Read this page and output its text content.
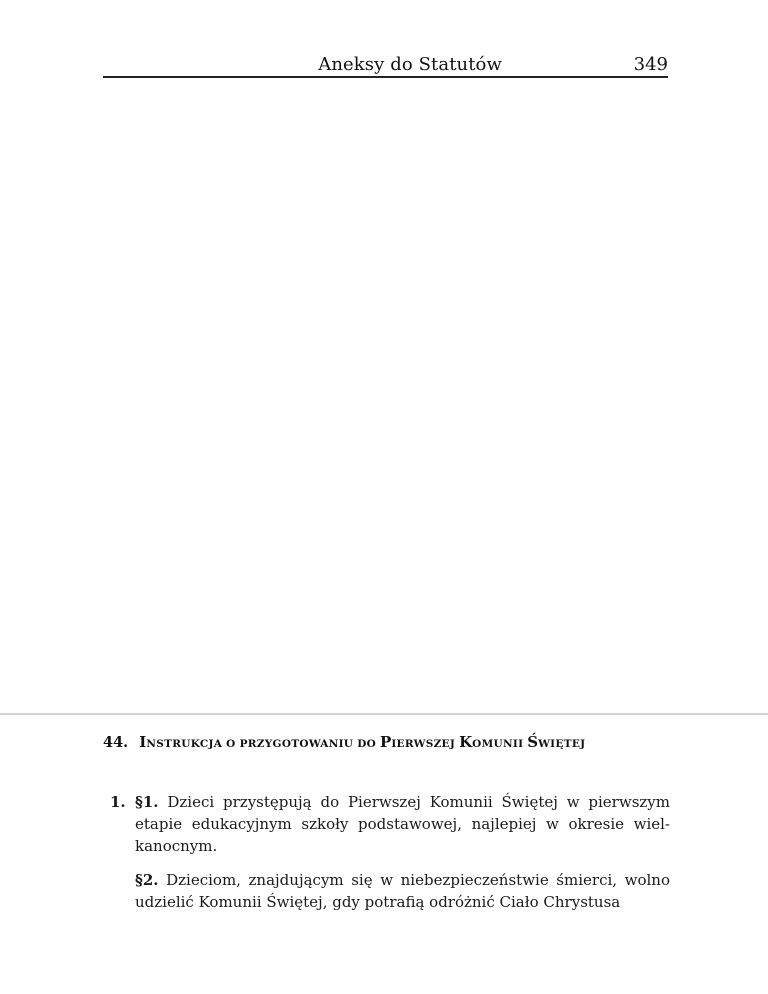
Aneksy do Statutów	349
44. INSTRUKCJA O PRZYGOTOWANIU DO PIERWSZEJ KOMUNII ŚWIĘTEJ
1. §1. Dzieci przystępują do Pierwszej Komunii Świętej w pierwszym etapie edukacyjnym szkoły podstawowej, najlepiej w okresie wiel-kanocnym.

§2. Dzieciom, znajdującym się w niebezpieczeństwie śmierci, wolno udzielić Komunii Świętej, gdy potrafią odróżnić Ciało Chrystusa
